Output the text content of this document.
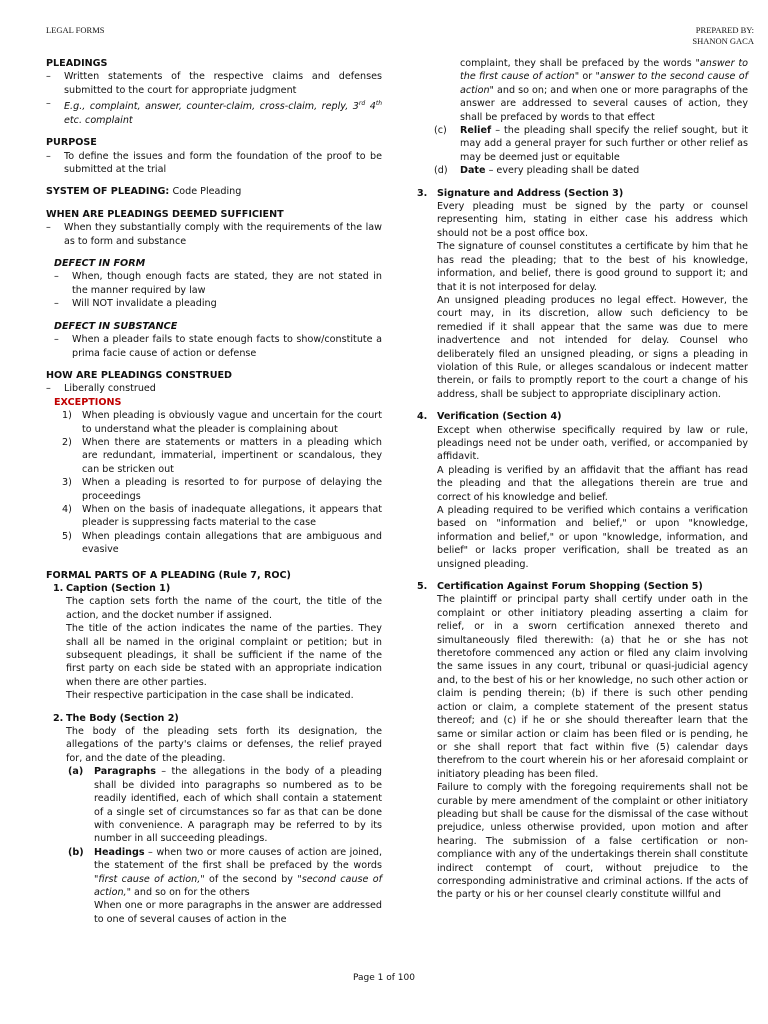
LEGAL FORMS	PREPARED BY:
SHANON GACA
PLEADINGS
– Written statements of the respective claims and defenses submitted to the court for appropriate judgment
– E.g., complaint, answer, counter-claim, cross-claim, reply, 3rd 4th etc. complaint
PURPOSE
– To define the issues and form the foundation of the proof to be submitted at the trial
SYSTEM OF PLEADING: Code Pleading
WHEN ARE PLEADINGS DEEMED SUFFICIENT
– When they substantially comply with the requirements of the law as to form and substance
DEFECT IN FORM
– When, though enough facts are stated, they are not stated in the manner required by law
– Will NOT invalidate a pleading
DEFECT IN SUBSTANCE
– When a pleader fails to state enough facts to show/constitute a prima facie cause of action or defense
HOW ARE PLEADINGS CONSTRUED
– Liberally construed
EXCEPTIONS
1) When pleading is obviously vague and uncertain for the court to understand what the pleader is complaining about
2) When there are statements or matters in a pleading which are redundant, immaterial, impertinent or scandalous, they can be stricken out
3) When a pleading is resorted to for purpose of delaying the proceedings
4) When on the basis of inadequate allegations, it appears that pleader is suppressing facts material to the case
5) When pleadings contain allegations that are ambiguous and evasive
FORMAL PARTS OF A PLEADING (Rule 7, ROC)
1. Caption (Section 1)
The caption sets forth the name of the court, the title of the action, and the docket number if assigned.
The title of the action indicates the name of the parties. They shall all be named in the original complaint or petition; but in subsequent pleadings, it shall be sufficient if the name of the first party on each side be stated with an appropriate indication when there are other parties.
Their respective participation in the case shall be indicated.
2. The Body (Section 2)
The body of the pleading sets forth its designation, the allegations of the party's claims or defenses, the relief prayed for, and the date of the pleading.
(a) Paragraphs – the allegations in the body of a pleading shall be divided into paragraphs so numbered as to be readily identified, each of which shall contain a statement of a single set of circumstances so far as that can be done with convenience. A paragraph may be referred to by its number in all succeeding pleadings.
(b) Headings – when two or more causes of action are joined, the statement of the first shall be prefaced by the words "first cause of action," of the second by "second cause of action," and so on for the others
When one or more paragraphs in the answer are addressed to one of several causes of action in the
complaint, they shall be prefaced by the words "answer to the first cause of action" or "answer to the second cause of action" and so on; and when one or more paragraphs of the answer are addressed to several causes of action, they shall be prefaced by words to that effect
(c) Relief – the pleading shall specify the relief sought, but it may add a general prayer for such further or other relief as may be deemed just or equitable
(d) Date – every pleading shall be dated
3. Signature and Address (Section 3)
Every pleading must be signed by the party or counsel representing him, stating in either case his address which should not be a post office box.
The signature of counsel constitutes a certificate by him that he has read the pleading; that to the best of his knowledge, information, and belief, there is good ground to support it; and that it is not interposed for delay.
An unsigned pleading produces no legal effect. However, the court may, in its discretion, allow such deficiency to be remedied if it shall appear that the same was due to mere inadvertence and not intended for delay. Counsel who deliberately filed an unsigned pleading, or signs a pleading in violation of this Rule, or alleges scandalous or indecent matter therein, or fails to promptly report to the court a change of his address, shall be subject to appropriate disciplinary action.
4. Verification (Section 4)
Except when otherwise specifically required by law or rule, pleadings need not be under oath, verified, or accompanied by affidavit.
A pleading is verified by an affidavit that the affiant has read the pleading and that the allegations therein are true and correct of his knowledge and belief.
A pleading required to be verified which contains a verification based on "information and belief," or upon "knowledge, information and belief," or upon "knowledge, information, and belief" or lacks proper verification, shall be treated as an unsigned pleading.
5. Certification Against Forum Shopping (Section 5)
The plaintiff or principal party shall certify under oath in the complaint or other initiatory pleading asserting a claim for relief, or in a sworn certification annexed thereto and simultaneously filed therewith: (a) that he or she has not theretofore commenced any action or filed any claim involving the same issues in any court, tribunal or quasi-judicial agency and, to the best of his or her knowledge, no such other action or claim is pending therein; (b) if there is such other pending action or claim, a complete statement of the present status thereof; and (c) if he or she should thereafter learn that the same or similar action or claim has been filed or is pending, he or she shall report that fact within five (5) calendar days therefrom to the court wherein his or her aforesaid complaint or initiatory pleading has been filed.
Failure to comply with the foregoing requirements shall not be curable by mere amendment of the complaint or other initiatory pleading but shall be cause for the dismissal of the case without prejudice, unless otherwise provided, upon motion and after hearing. The submission of a false certification or non-compliance with any of the undertakings therein shall constitute indirect contempt of court, without prejudice to the corresponding administrative and criminal actions. If the acts of the party or his or her counsel clearly constitute willful and
Page 1 of 100
